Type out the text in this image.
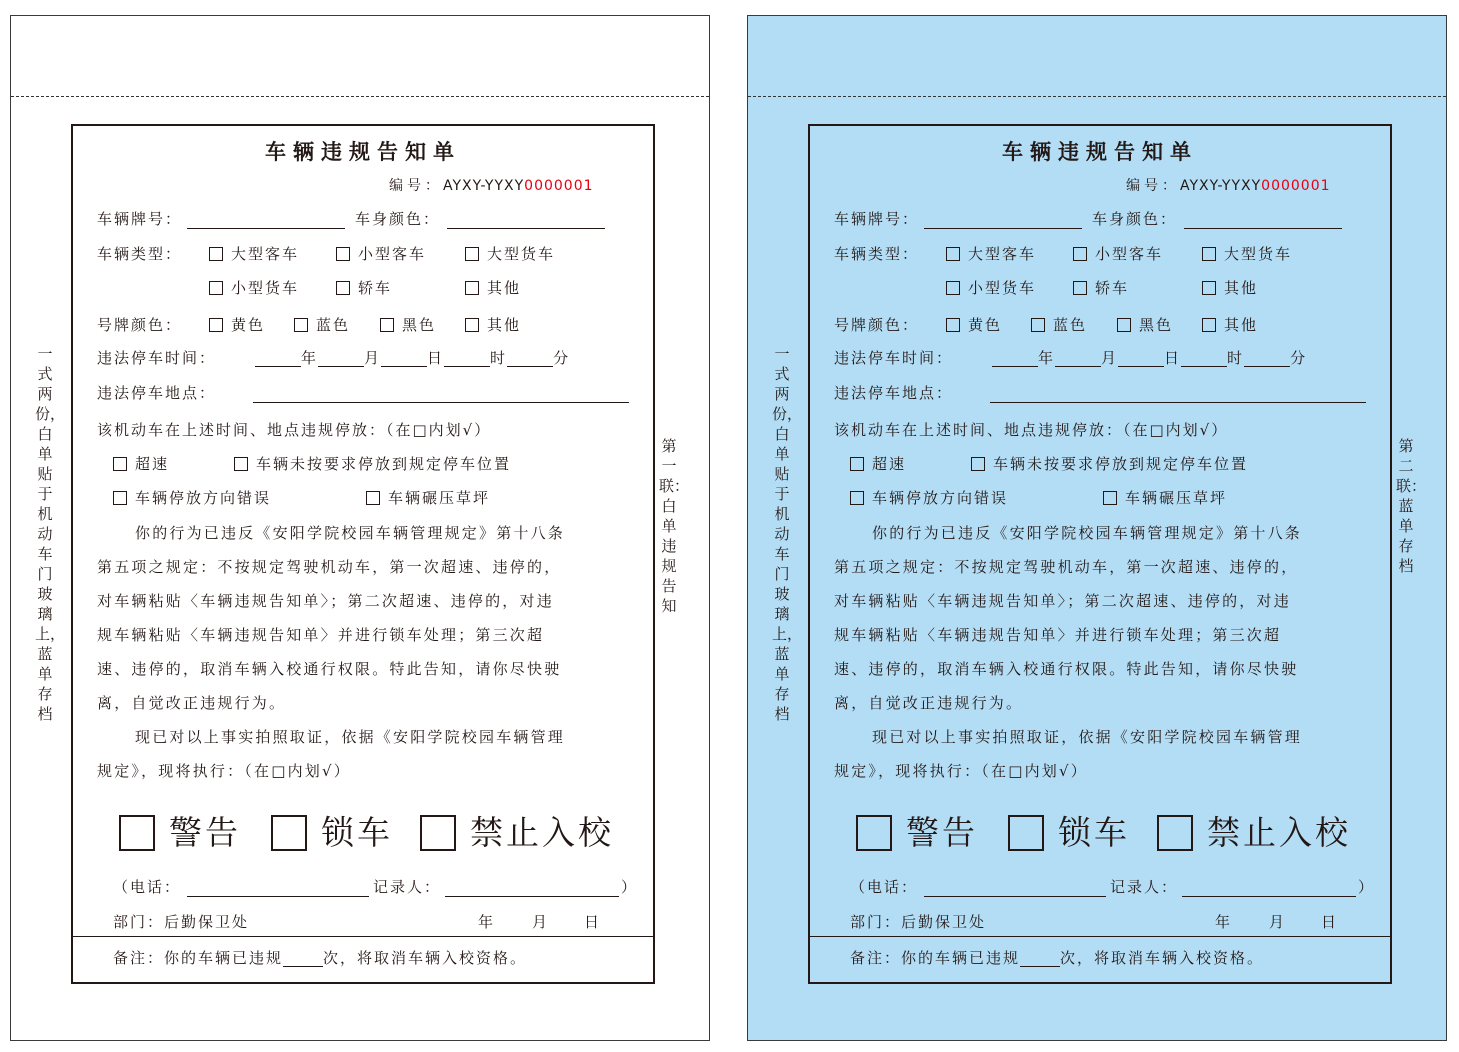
一式两份，白单贴于机动车门玻璃上，蓝单存档
第一联：白单违规告知
车辆违规告知单
编号：AYXY-YYXY0000001
车辆牌号：	车身颜色：
车辆类型：	大型客车	小型客车	大型货车
小型货车	轿车	其他
号牌颜色：	黄色	蓝色	黑色	其他
违法停车时间：	年	月	日	时	分
违法停车地点：
该机动车在上述时间、地点违规停放：（在□内划√）
超速	车辆未按要求停放到规定停车位置
车辆停放方向错误	车辆碾压草坪
你的行为已违反《安阳学院校园车辆管理规定》第十八条
第五项之规定：不按规定驾驶机动车，第一次超速、违停的，
对车辆粘贴〈车辆违规告知单〉；第二次超速、违停的，对违
规车辆粘贴〈车辆违规告知单〉并进行锁车处理；第三次超
速、违停的，取消车辆入校通行权限。特此告知，请你尽快驶
离，自觉改正违规行为。
现已对以上事实拍照取证，依据《安阳学院校园车辆管理
规定》，现将执行：（在□内划√）
警告 锁车 禁止入校
（电话：	记录人：	）
部门：后勤保卫处	年 月 日
备注：你的车辆已违规	次，将取消车辆入校资格。
一式两份，白单贴于机动车门玻璃上，蓝单存档
第二联：蓝单存档
车辆违规告知单
编号：AYXY-YYXY0000001
车辆牌号：	车身颜色：
车辆类型：	大型客车	小型客车	大型货车
小型货车	轿车	其他
号牌颜色：	黄色	蓝色	黑色	其他
违法停车时间：	年	月	日	时	分
违法停车地点：
该机动车在上述时间、地点违规停放：（在□内划√）
超速	车辆未按要求停放到规定停车位置
车辆停放方向错误	车辆碾压草坪
你的行为已违反《安阳学院校园车辆管理规定》第十八条
第五项之规定：不按规定驾驶机动车，第一次超速、违停的，
对车辆粘贴〈车辆违规告知单〉；第二次超速、违停的，对违
规车辆粘贴〈车辆违规告知单〉并进行锁车处理；第三次超
速、违停的，取消车辆入校通行权限。特此告知，请你尽快驶
离，自觉改正违规行为。
现已对以上事实拍照取证，依据《安阳学院校园车辆管理
规定》，现将执行：（在□内划√）
警告 锁车 禁止入校
（电话：	记录人：	）
部门：后勤保卫处	年 月 日
备注：你的车辆已违规	次，将取消车辆入校资格。
